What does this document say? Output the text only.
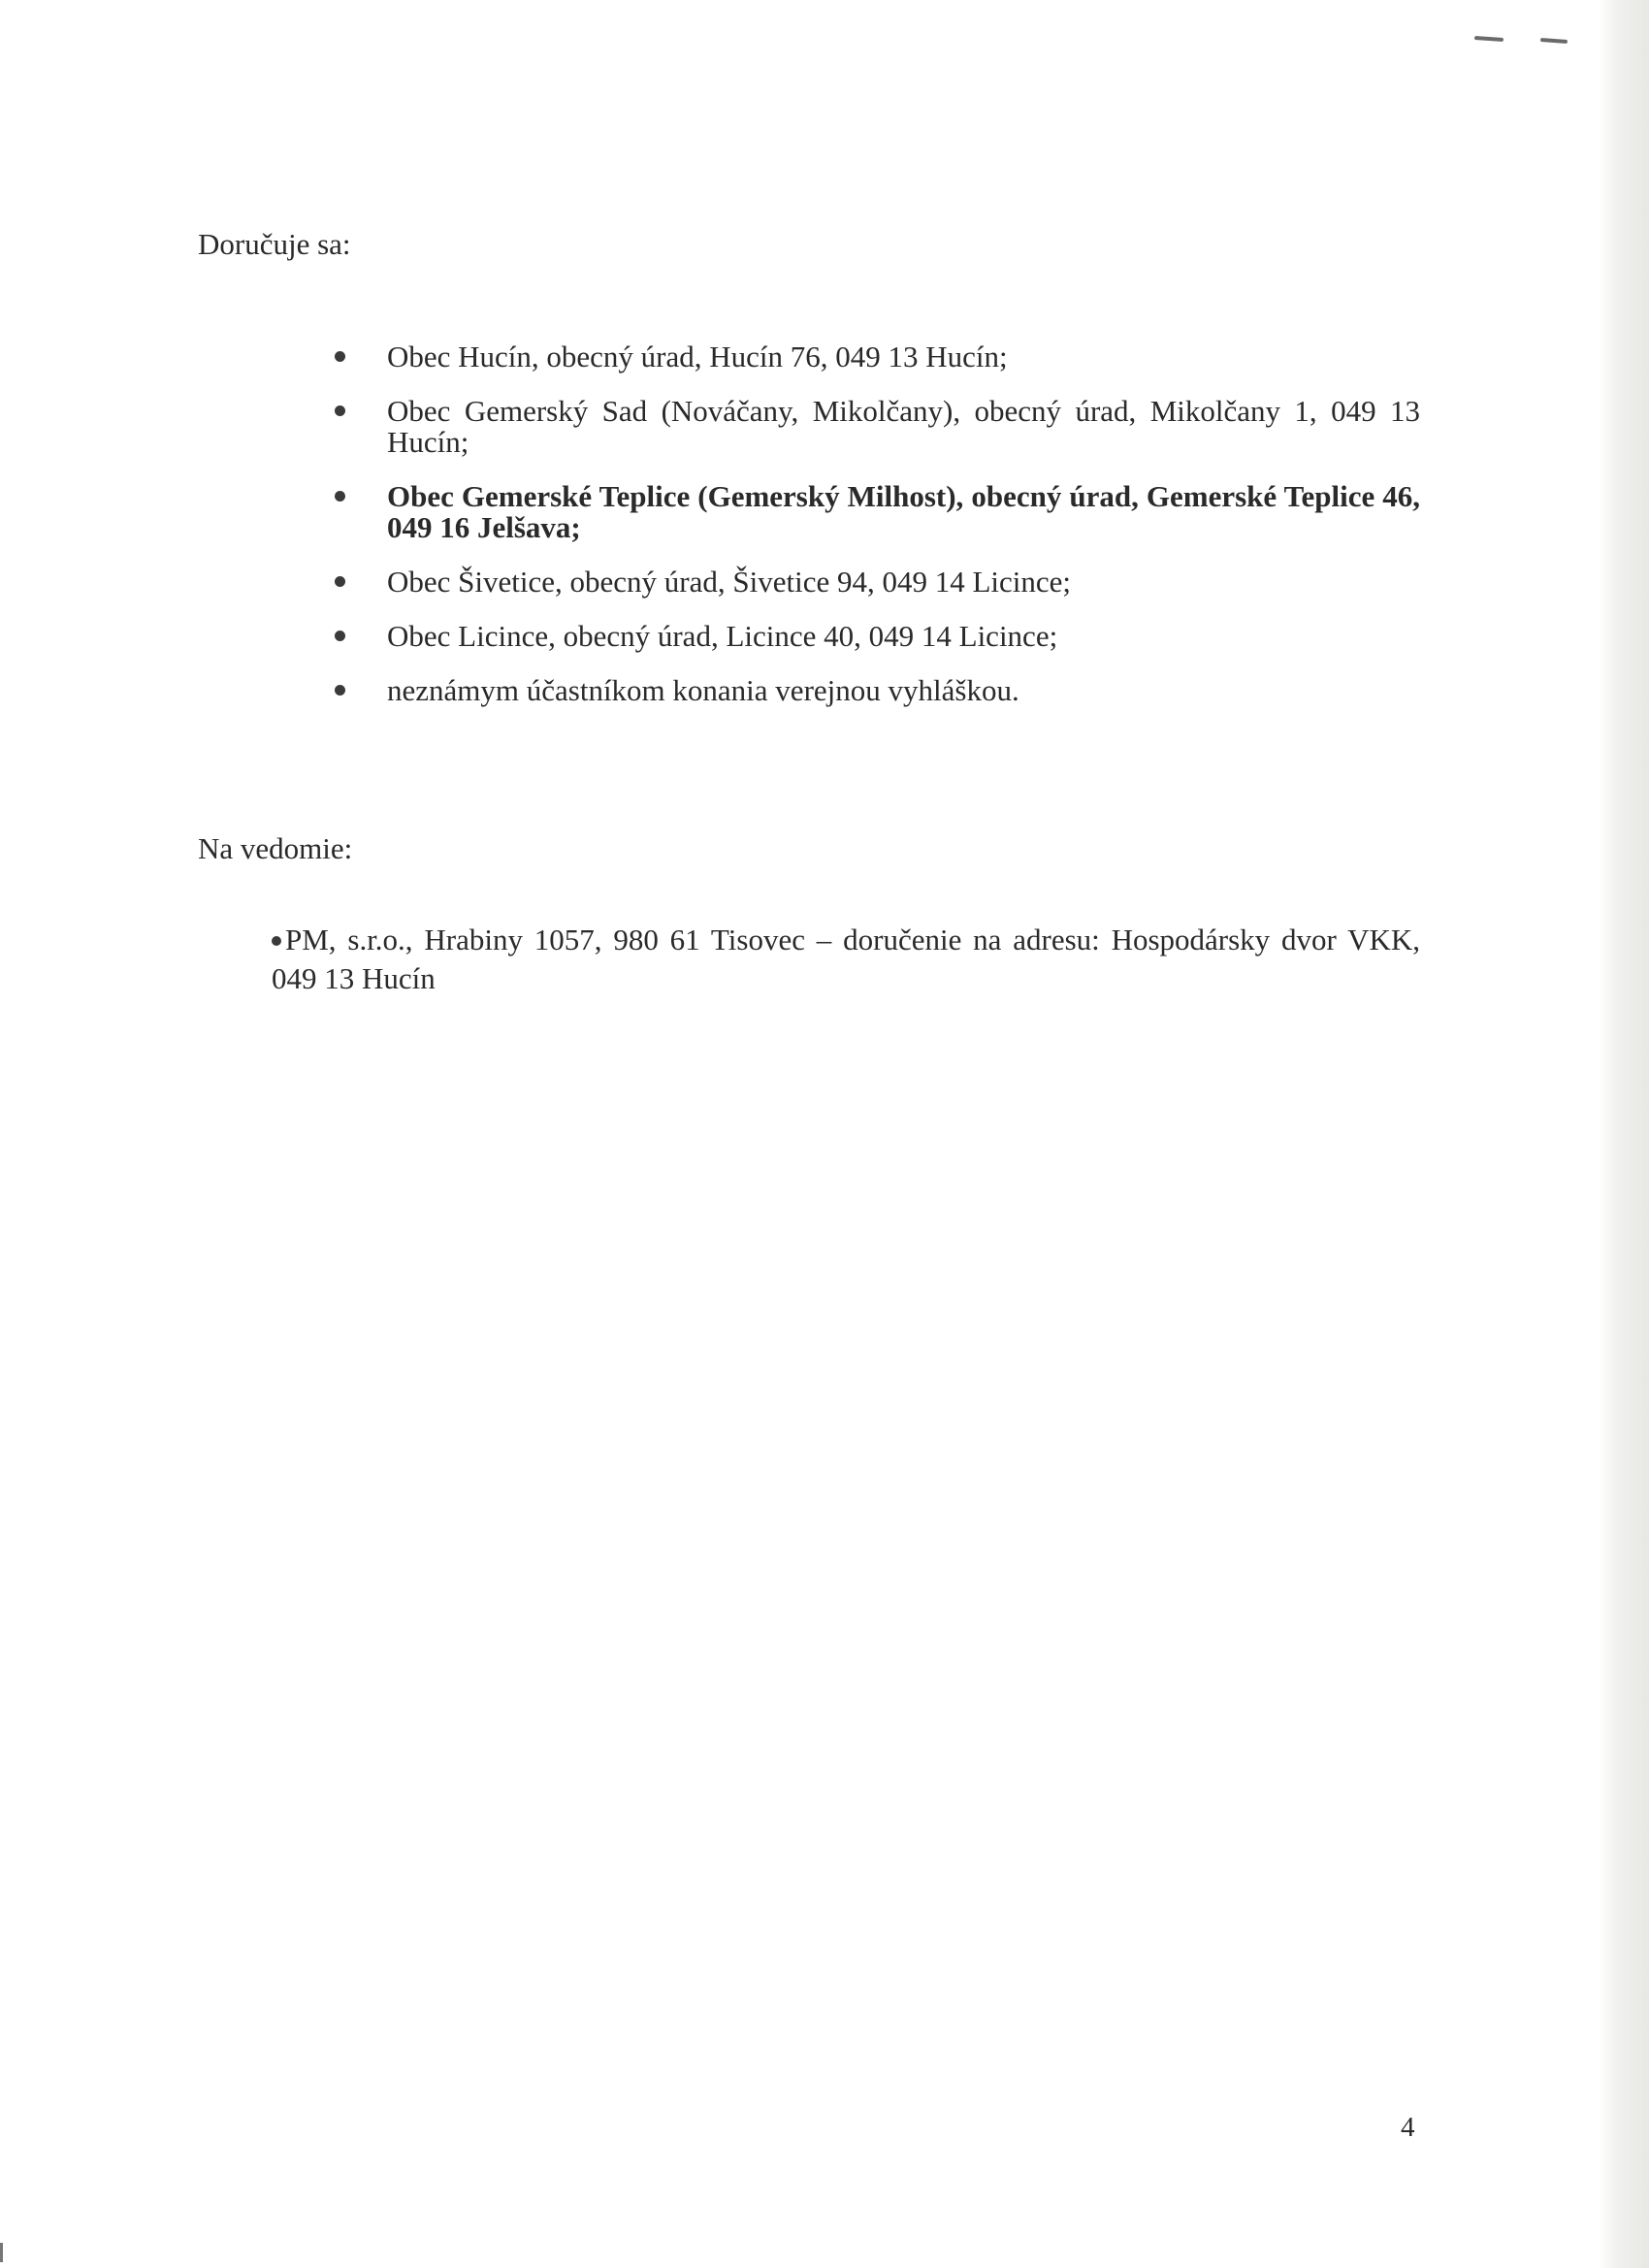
Doručuje sa:
Obec Hucín, obecný úrad, Hucín 76, 049 13 Hucín;
Obec Gemerský Sad (Nováčany, Mikolčany), obecný úrad, Mikolčany 1, 049 13 Hucín;
Obec Gemerské Teplice (Gemerský Milhost), obecný úrad, Gemerské Teplice 46, 049 16 Jelšava;
Obec Šivetice, obecný úrad, Šivetice 94, 049 14 Licince;
Obec Licince, obecný úrad, Licince 40, 049 14 Licince;
neznámym účastníkom konania verejnou vyhláškou.
Na vedomie:

PM, s.r.o., Hrabiny 1057, 980 61 Tisovec – doručenie na adresu: Hospodársky dvor VKK, 049 13 Hucín

4
